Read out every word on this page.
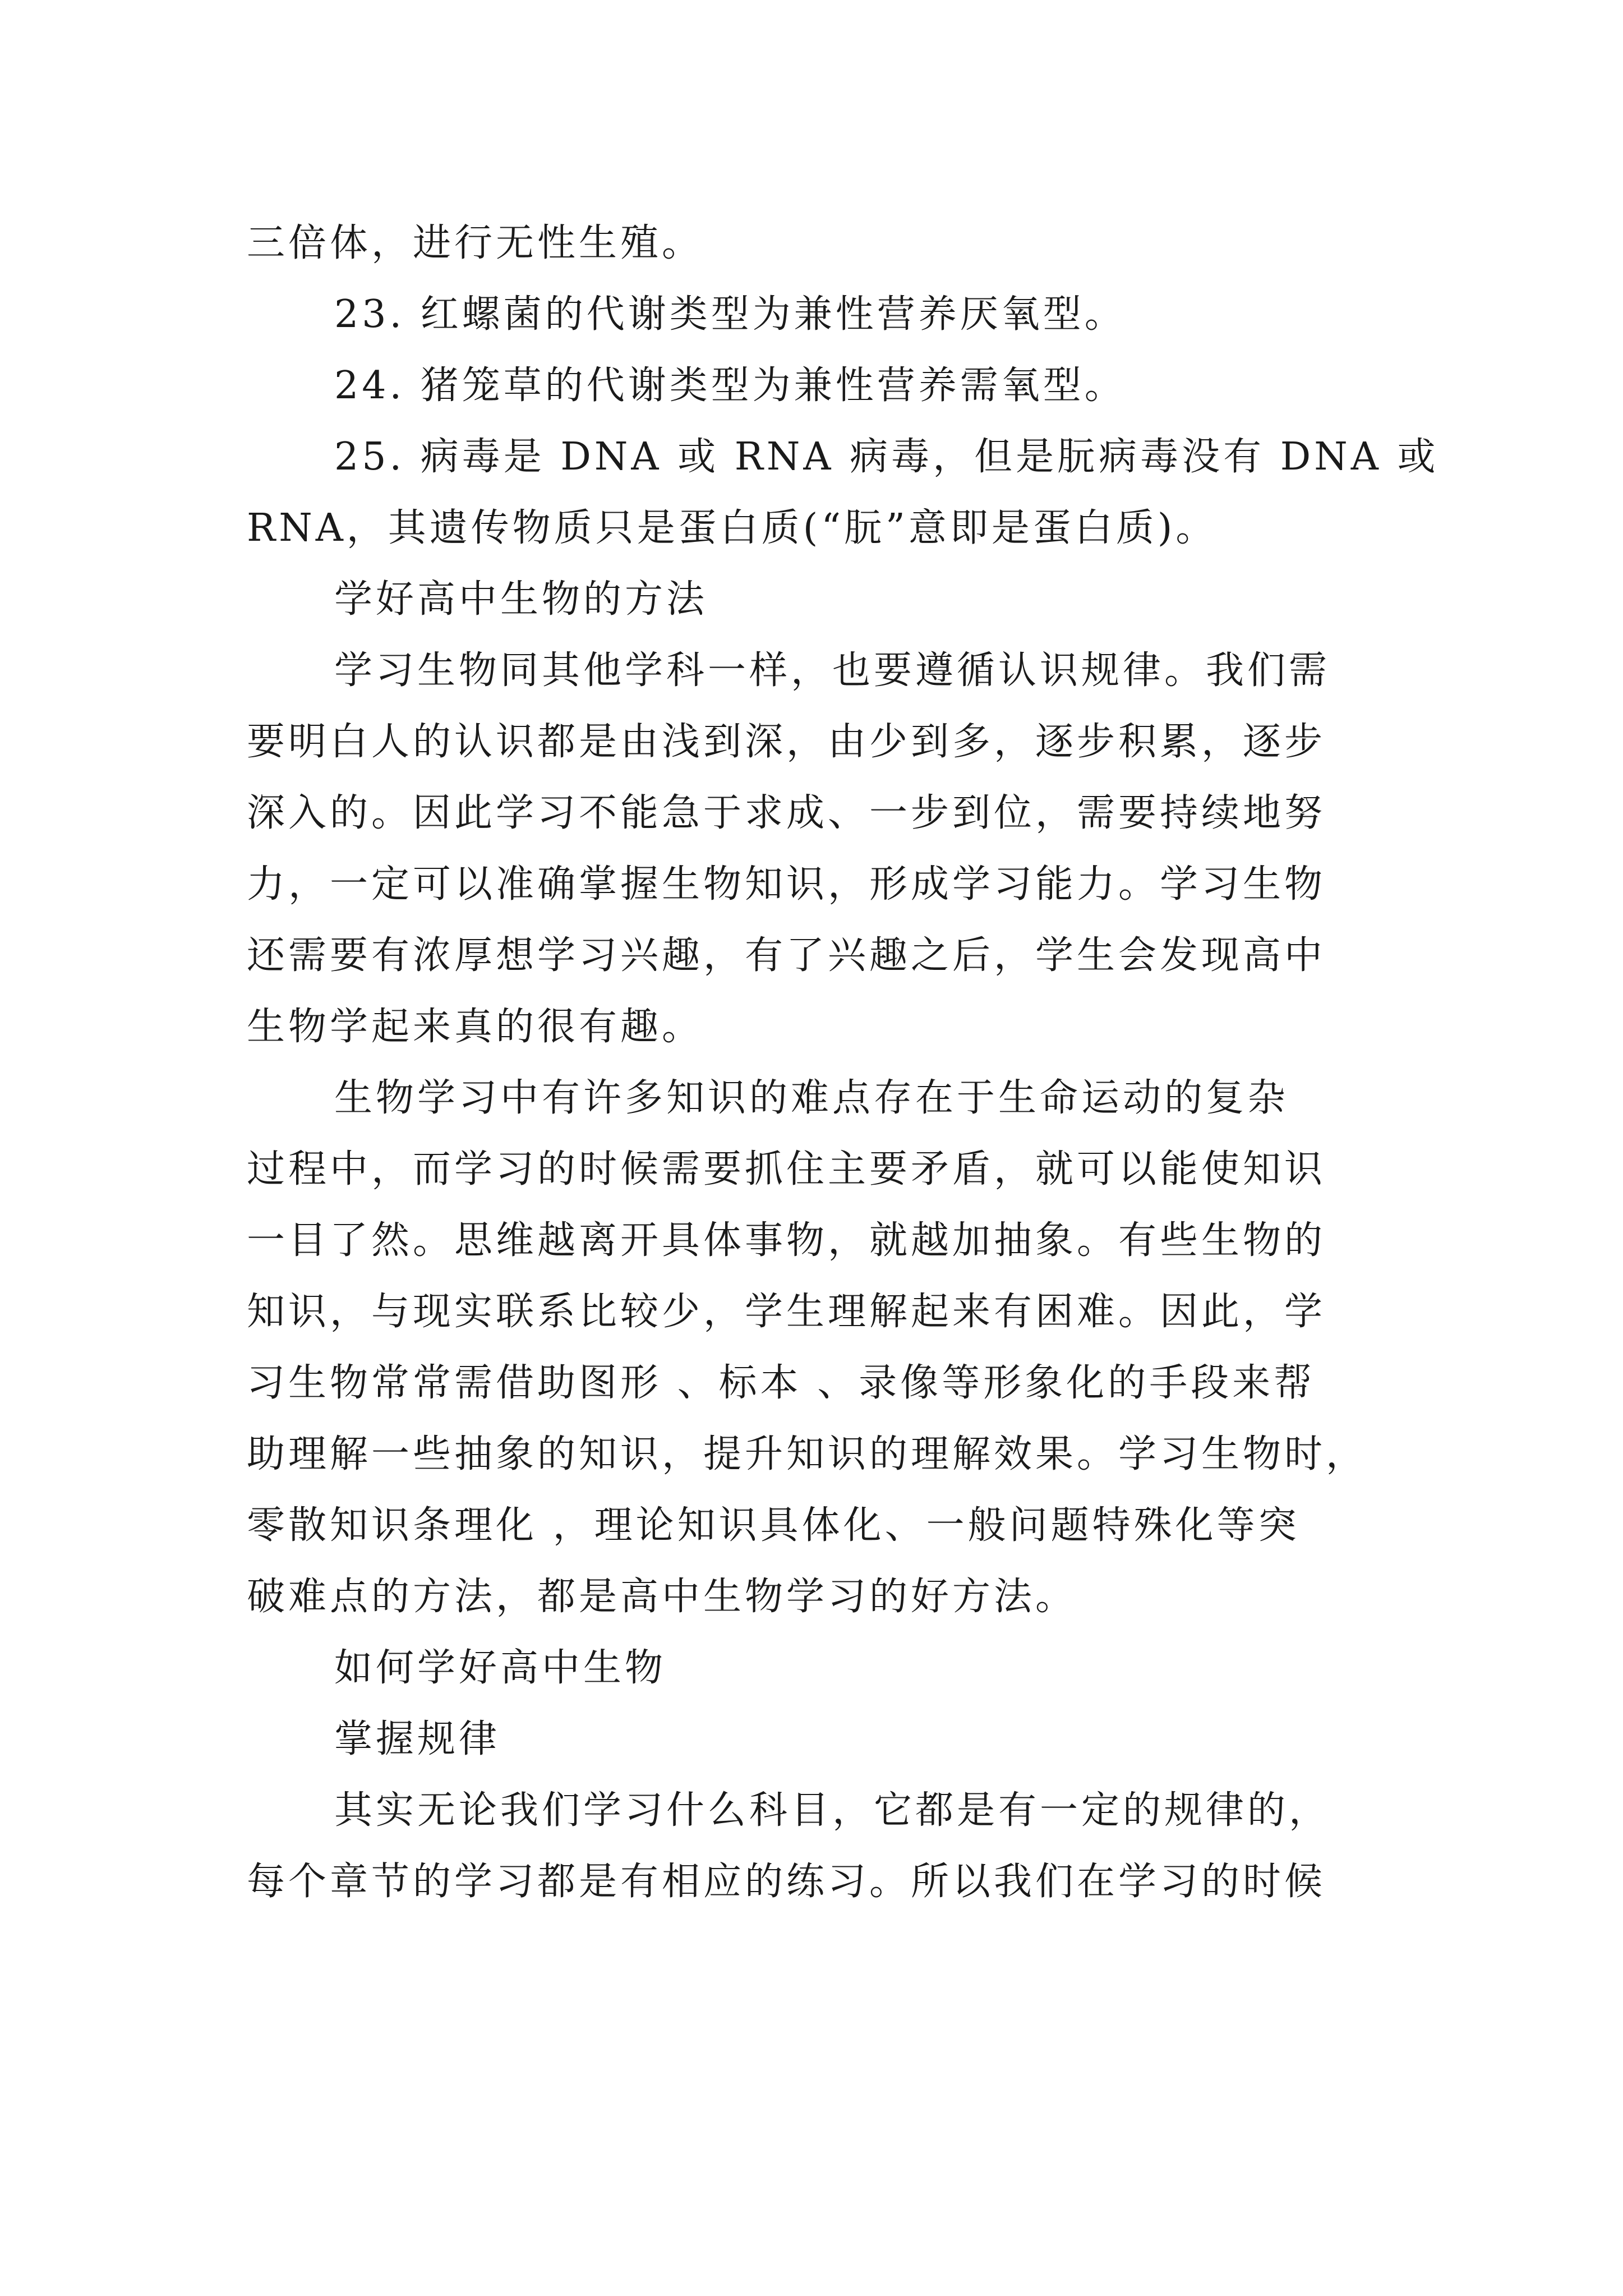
三倍体，进行无性生殖。
23. 红螺菌的代谢类型为兼性营养厌氧型。
24. 猪笼草的代谢类型为兼性营养需氧型。
25. 病毒是 DNA 或 RNA 病毒，但是朊病毒没有 DNA 或
RNA，其遗传物质只是蛋白质(“朊”意即是蛋白质)。
学好高中生物的方法
学习生物同其他学科一样，也要遵循认识规律。我们需
要明白人的认识都是由浅到深，由少到多，逐步积累，逐步
深入的。因此学习不能急于求成、一步到位，需要持续地努
力，一定可以准确掌握生物知识，形成学习能力。学习生物
还需要有浓厚想学习兴趣，有了兴趣之后，学生会发现高中
生物学起来真的很有趣。
生物学习中有许多知识的难点存在于生命运动的复杂
过程中，而学习的时候需要抓住主要矛盾，就可以能使知识
一目了然。思维越离开具体事物，就越加抽象。有些生物的
知识，与现实联系比较少，学生理解起来有困难。因此，学
习生物常常需借助图形 、标本 、录像等形象化的手段来帮
助理解一些抽象的知识，提升知识的理解效果。学习生物时，
零散知识条理化 ，理论知识具体化、一般问题特殊化等突
破难点的方法，都是高中生物学习的好方法。
如何学好高中生物
掌握规律
其实无论我们学习什么科目，它都是有一定的规律的，
每个章节的学习都是有相应的练习。所以我们在学习的时候
